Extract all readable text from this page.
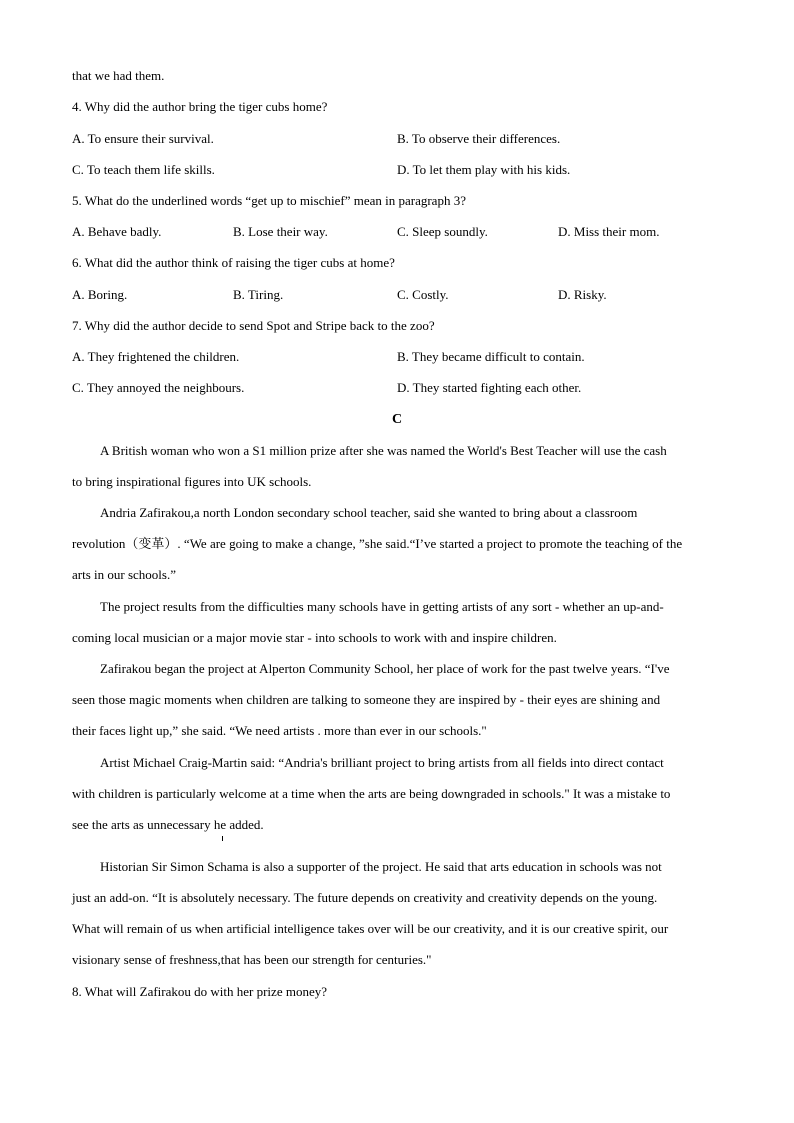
that we had them.
4. Why did the author bring the tiger cubs home?
A. To ensure their survival.	B. To observe their differences.
C. To teach them life skills.	D. To let them play with his kids.
5. What do the underlined words “get up to mischief” mean in paragraph 3?
A. Behave badly.	B. Lose their way.	C. Sleep soundly.	D. Miss their mom.
6. What did the author think of raising the tiger cubs at home?
A. Boring.	B. Tiring.	C. Costly.	D. Risky.
7. Why did the author decide to send Spot and Stripe back to the zoo?
A. They frightened the children.	B. They became difficult to contain.
C. They annoyed the neighbours.	D. They started fighting each other.
C
A British woman who won a S1 million prize after she was named the World's Best Teacher will use the cash
to bring inspirational figures into UK schools.
Andria Zafirakou,a north London secondary school teacher, said she wanted to bring about a classroom
revolution（变革）. “We are going to make a change, ”she said.“I’ve started a project to promote the teaching of the
arts in our schools.”
The project results from the difficulties many schools have in getting artists of any sort - whether an up-and-
coming local musician or a major movie star - into schools to work with and inspire children.
Zafirakou began the project at Alperton Community School, her place of work for the past twelve years. “I've
seen those magic moments when children are talking to someone they are inspired by - their eyes are shining and
their faces light up,” she said. “We need artists . more than ever in our schools."
Artist Michael Craig-Martin said: “Andria's brilliant project to bring artists from all fields into direct contact
with children is particularly welcome at a time when the arts are being downgraded in schools." It was a mistake to
see the arts as unnecessary he added.
Historian Sir Simon Schama is also a supporter of the project. He said that arts education in schools was not
just an add-on. “It is absolutely necessary. The future depends on creativity and creativity depends on the young.
What will remain of us when artificial intelligence takes over will be our creativity, and it is our creative spirit, our
visionary sense of freshness,that has been our strength for centuries."
8. What will Zafirakou do with her prize money?
